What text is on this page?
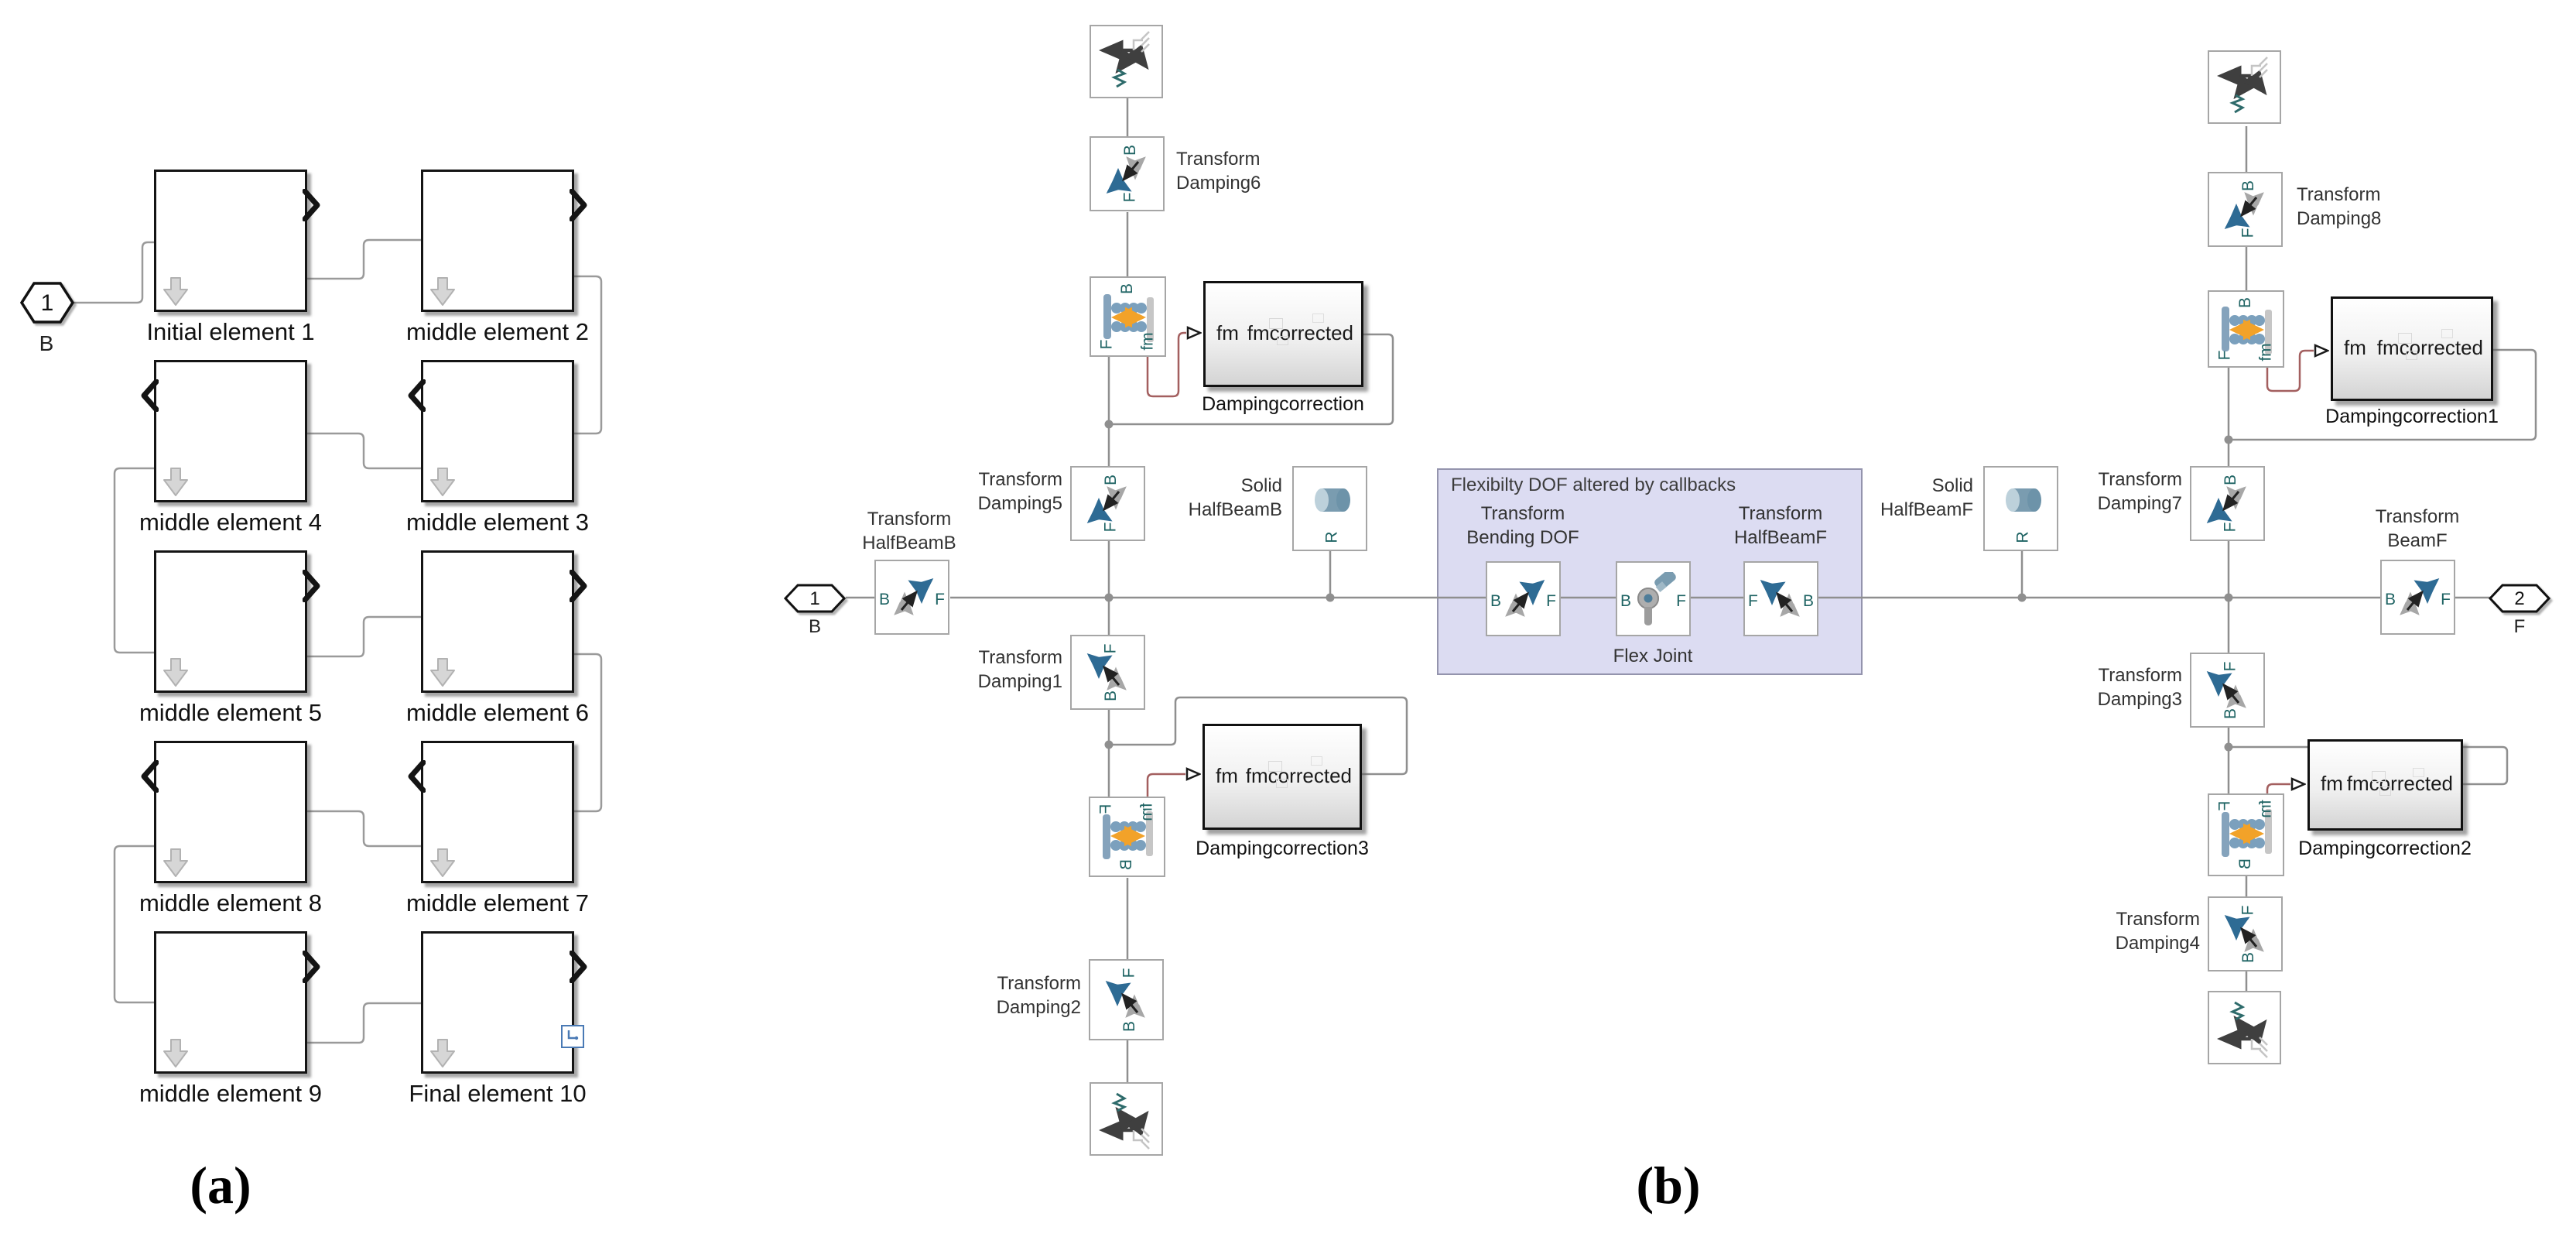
Flexibilty DOF altered by callbacks
1
B	Initial element 1	middle element 2
middle element 4	middle element 3
middle element 5	middle element 6
middle element 8	middle element 7
middle element 9	Final element 10
(a)
1
B
B	F
Transform
HalfBeamB
B
F
Transform
Damping6
B
F fm	fm fmcorrected
Dampingcorrection
B
F
Transform
Damping5
F
B
Transform
Damping1
B
F fm
fm fmcorrected
Dampingcorrection3
F
B
Transform
Damping2
R
Solid
HalfBeamB
B	F
Transform
Bending DOF
B	F
Flex Joint
F	B
Transform
HalfBeamF	R
Solid
HalfBeamF
B
F
Transform
Damping7
F
B
Transform
Damping3
B
F
Transform
Damping8
B
F fm	fm fmcorrected
Dampingcorrection1
B
F fm
fm fmcorrected
Dampingcorrection2
F
B
Transform
Damping4
B	F
Transform
BeamF
2
F
(b)
